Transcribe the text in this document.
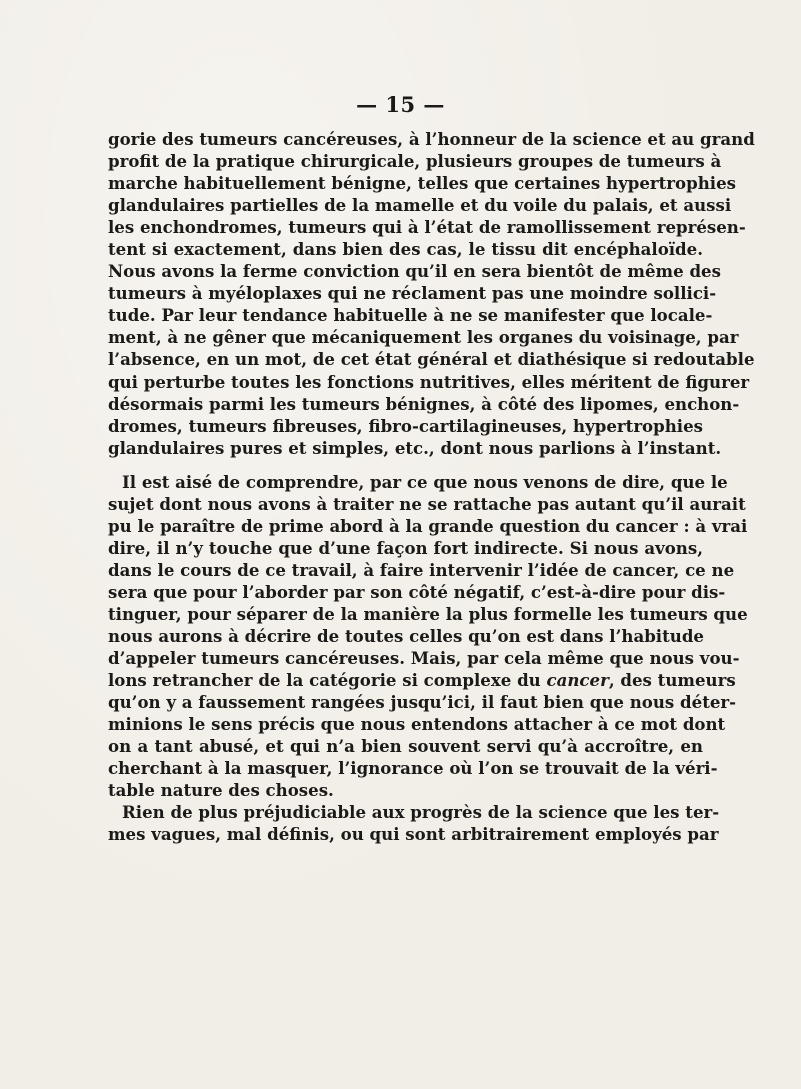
— 15 —
gorie des tumeurs cancéreuses, à l’honneur de la science et au grand
profit de la pratique chirurgicale, plusieurs groupes de tumeurs à
marche habituellement bénigne, telles que certaines hypertrophies
glandulaires partielles de la mamelle et du voile du palais, et aussi
les enchondromes, tumeurs qui à l’état de ramollissement représen-
tent si exactement, dans bien des cas, le tissu dit encéphaloïde.
Nous avons la ferme conviction qu’il en sera bientôt de même des
tumeurs à myéloplaxes qui ne réclament pas une moindre sollici-
tude. Par leur tendance habituelle à ne se manifester que locale-
ment, à ne gêner que mécaniquement les organes du voisinage, par
l’absence, en un mot, de cet état général et diathésique si redoutable
qui perturbe toutes les fonctions nutritives, elles méritent de figurer
désormais parmi les tumeurs bénignes, à côté des lipomes, enchon-
dromes, tumeurs fibreuses, fibro-cartilagineuses, hypertrophies
glandulaires pures et simples, etc., dont nous parlions à l’instant.
Il est aisé de comprendre, par ce que nous venons de dire, que le
sujet dont nous avons à traiter ne se rattache pas autant qu’il aurait
pu le paraître de prime abord à la grande question du cancer : à vrai
dire, il n’y touche que d’une façon fort indirecte. Si nous avons,
dans le cours de ce travail, à faire intervenir l’idée de cancer, ce ne
sera que pour l’aborder par son côté négatif, c’est-à-dire pour dis-
tinguer, pour séparer de la manière la plus formelle les tumeurs que
nous aurons à décrire de toutes celles qu’on est dans l’habitude
d’appeler tumeurs cancéreuses. Mais, par cela même que nous vou-
lons retrancher de la catégorie si complexe du cancer, des tumeurs
qu’on y a faussement rangées jusqu’ici, il faut bien que nous déter-
minions le sens précis que nous entendons attacher à ce mot dont
on a tant abusé, et qui n’a bien souvent servi qu’à accroître, en
cherchant à la masquer, l’ignorance où l’on se trouvait de la véri-
table nature des choses.
Rien de plus préjudiciable aux progrès de la science que les ter-
mes vagues, mal définis, ou qui sont arbitrairement employés par
